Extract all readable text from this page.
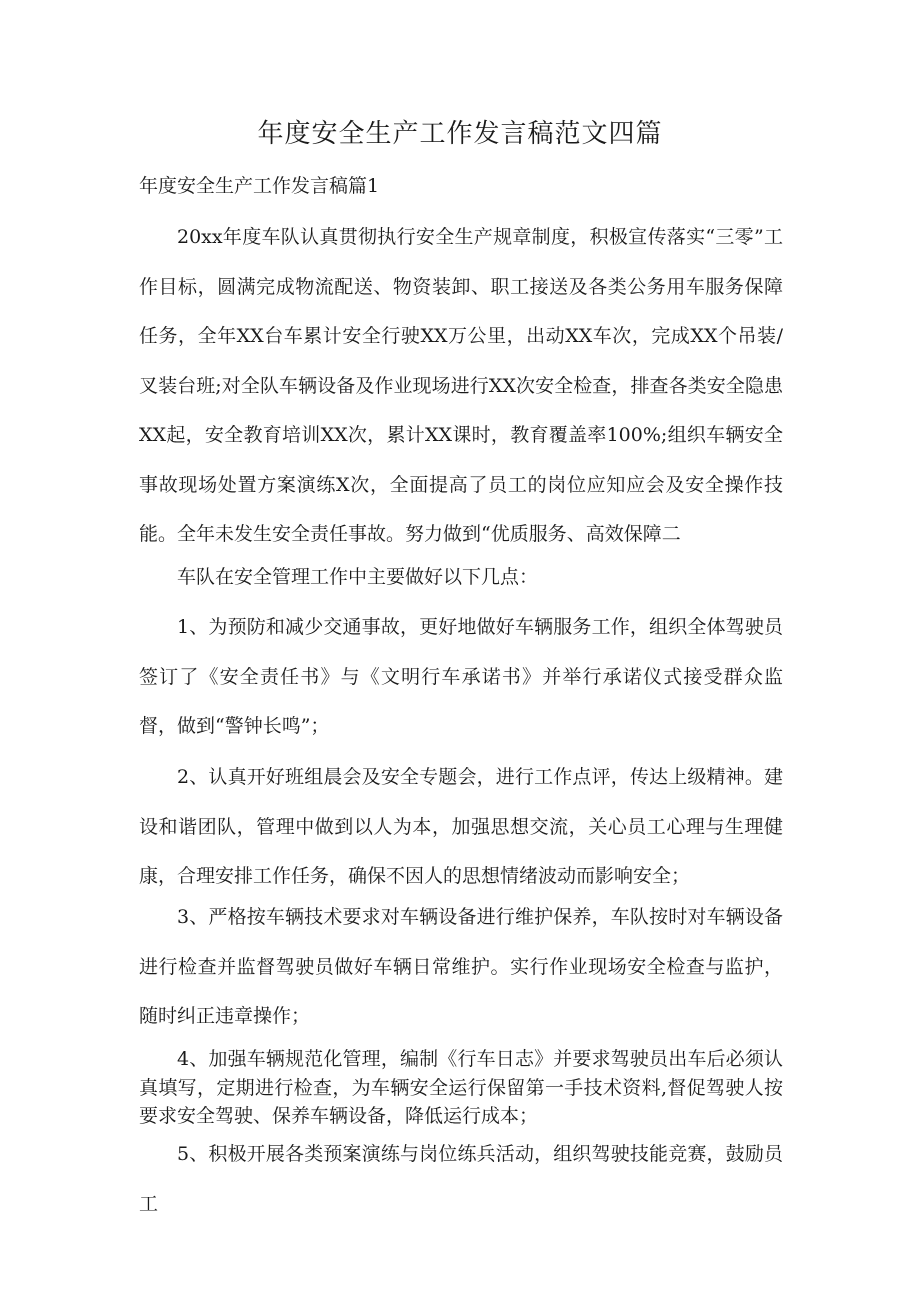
年度安全生产工作发言稿范文四篇
年度安全生产工作发言稿篇1

20xx年度车队认真贯彻执行安全生产规章制度，积极宣传落实“三零”工作目标，圆满完成物流配送、物资装卸、职工接送及各类公务用车服务保障任务，全年XX台车累计安全行驶XX万公里，出动XX车次，完成XX个吊装/叉装台班;对全队车辆设备及作业现场进行XX次安全检查，排查各类安全隐患XX起，安全教育培训XX次，累计XX课时，教育覆盖率100%;组织车辆安全事故现场处置方案演练X次，全面提高了员工的岗位应知应会及安全操作技能。全年未发生安全责任事故。努力做到“优质服务、高效保障二

车队在安全管理工作中主要做好以下几点：

1、为预防和减少交通事故，更好地做好车辆服务工作，组织全体驾驶员签订了《安全责任书》与《文明行车承诺书》并举行承诺仪式接受群众监督，做到“警钟长鸣”；

2、认真开好班组晨会及安全专题会，进行工作点评，传达上级精神。建设和谐团队，管理中做到以人为本，加强思想交流，关心员工心理与生理健康，合理安排工作任务，确保不因人的思想情绪波动而影响安全；

3、严格按车辆技术要求对车辆设备进行维护保养，车队按时对车辆设备进行检查并监督驾驶员做好车辆日常维护。实行作业现场安全检查与监护，随时纠正违章操作；

4、加强车辆规范化管理，编制《行车日志》并要求驾驶员出车后必须认真填写，定期进行检查，为车辆安全运行保留第一手技术资料,督促驾驶人按要求安全驾驶、保养车辆设备，降低运行成本；

5、积极开展各类预案演练与岗位练兵活动，组织驾驶技能竞赛，鼓励员工
